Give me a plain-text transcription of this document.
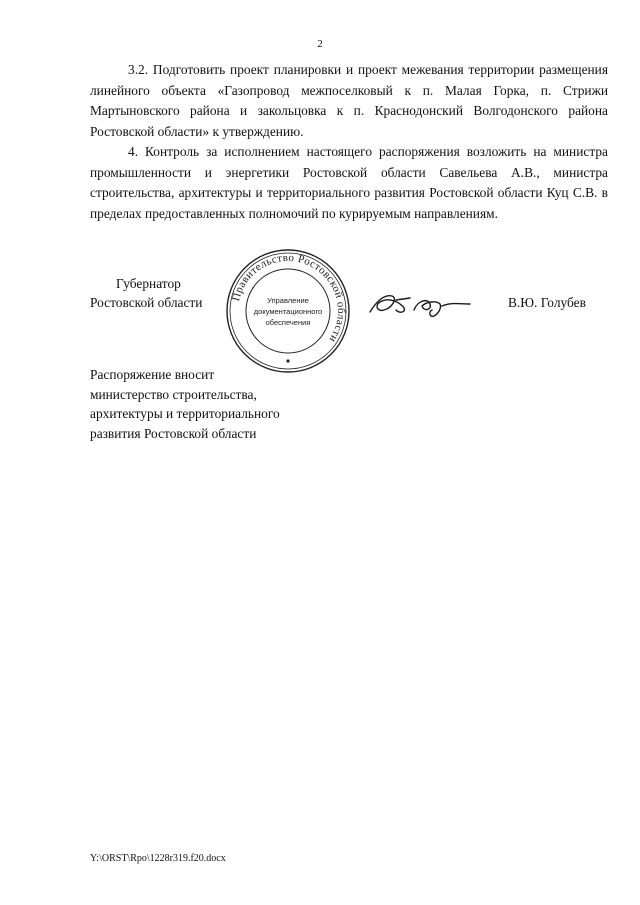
2
3.2. Подготовить проект планировки и проект межевания территории размещения линейного объекта «Газопровод межпоселковый к п. Малая Горка, п. Стрижи Мартыновского района и закольцовка к п. Краснодонский Волгодонского района Ростовской области» к утверждению.
4. Контроль за исполнением настоящего распоряжения возложить на министра промышленности и энергетики Ростовской области Савельева А.В., министра строительства, архитектуры и территориального развития Ростовской области Куц С.В. в пределах предоставленных полномочий по курируемым направлениям.
Губернатор
Ростовской области	Правительство Ростовской области
Управление
документационного
обеспечения
В.Ю. Голубев
Распоряжение вносит
министерство строительства,
архитектуры и территориального
развития Ростовской области
Y:\ORST\Rpo\1228r319.f20.docx
